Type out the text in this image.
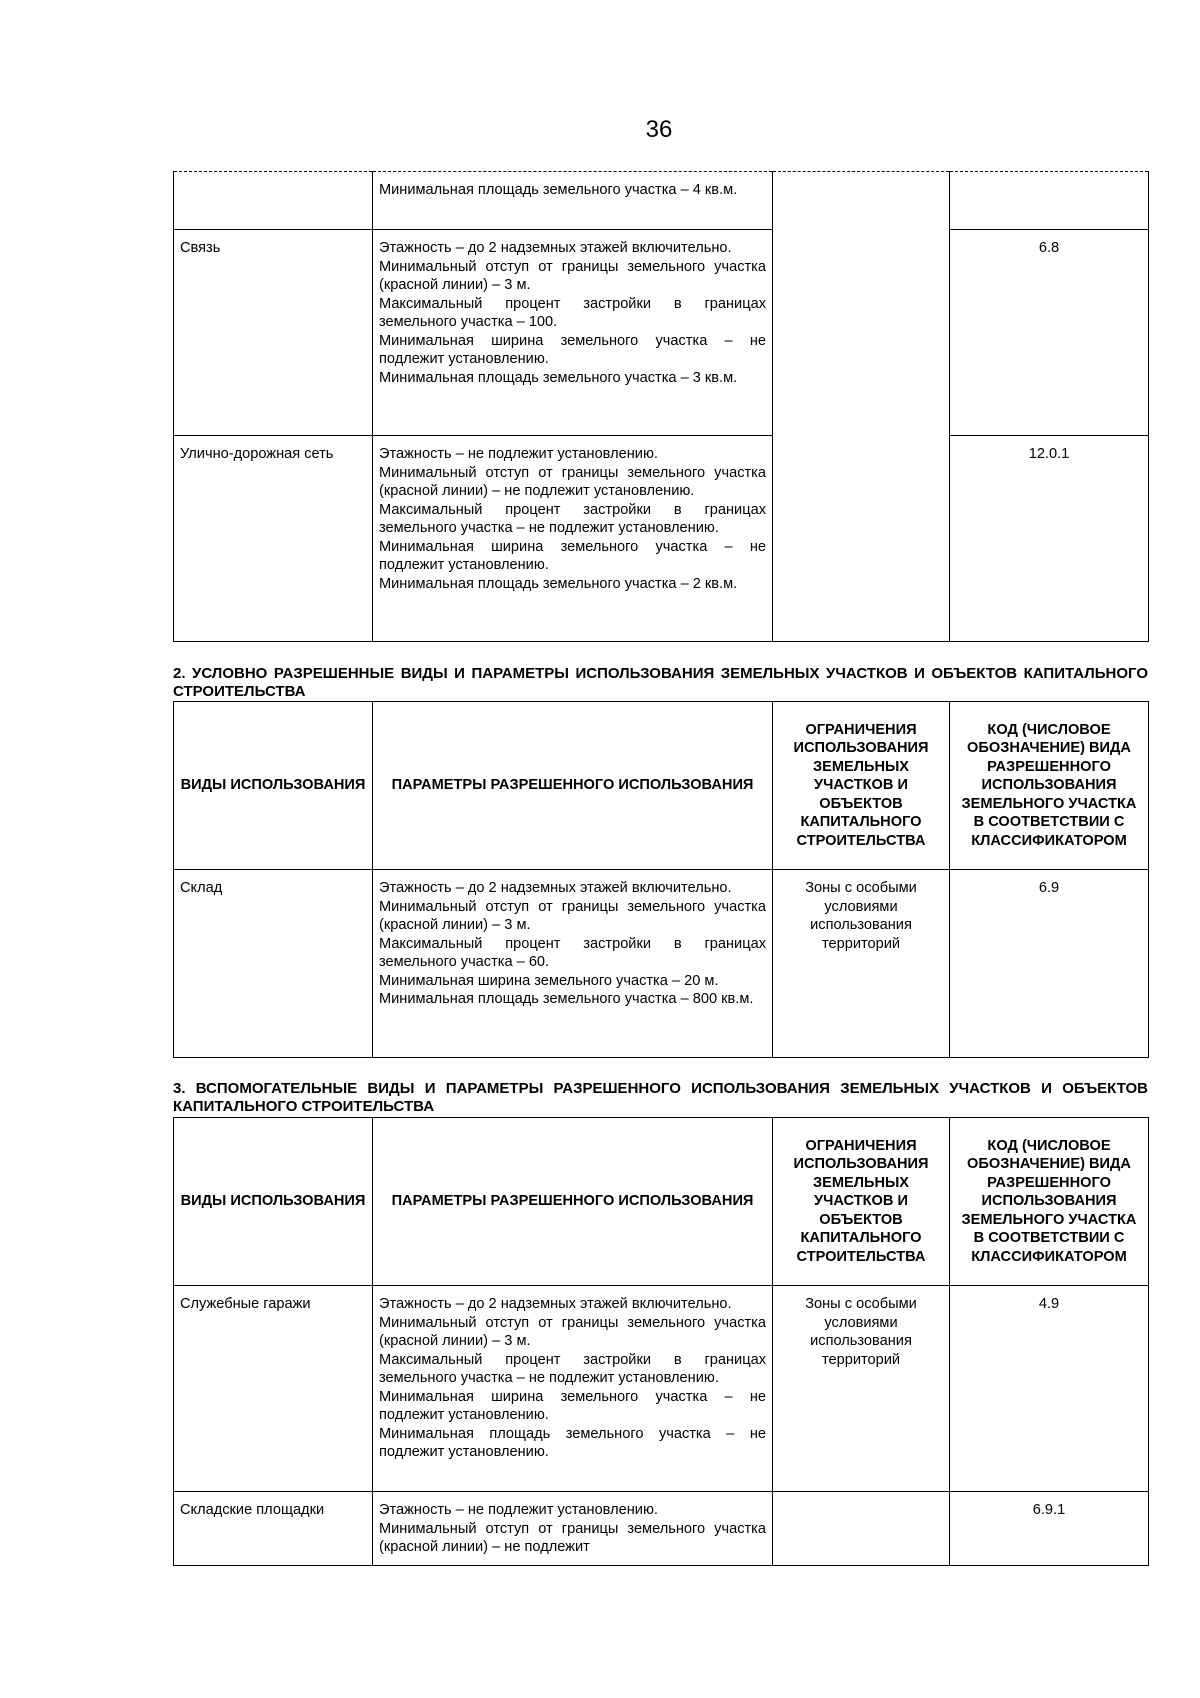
36

	Минимальная площадь земельного участка – 4 кв.м.		

Связь	Этажность – до 2 надземных этажей включительно.
Минимальный отступ от границы земельного участка (красной линии) – 3 м.
Максимальный процент застройки в границах земельного участка – 100.
Минимальная ширина земельного участка – не подлежит установлению.
Минимальная площадь земельного участка – 3 кв.м.		6.8
Улично-дорожная сеть	Этажность – не подлежит установлению.
Минимальный отступ от границы земельного участка (красной линии) – не подлежит установлению.
Максимальный процент застройки в границах земельного участка – не подлежит установлению.
Минимальная ширина земельного участка – не подлежит установлению.
Минимальная площадь земельного участка – 2 кв.м.		12.0.1
2. УСЛОВНО РАЗРЕШЕННЫЕ ВИДЫ И ПАРАМЕТРЫ ИСПОЛЬЗОВАНИЯ ЗЕМЕЛЬНЫХ УЧАСТКОВ И ОБЪЕКТОВ КАПИТАЛЬНОГО СТРОИТЕЛЬСТВА
ВИДЫ ИСПОЛЬЗОВАНИЯ	ПАРАМЕТРЫ РАЗРЕШЕННОГО ИСПОЛЬЗОВАНИЯ	ОГРАНИЧЕНИЯ ИСПОЛЬЗОВАНИЯ ЗЕМЕЛЬНЫХ УЧАСТКОВ И ОБЪЕКТОВ КАПИТАЛЬНОГО СТРОИТЕЛЬСТВА	КОД (ЧИСЛОВОЕ ОБОЗНАЧЕНИЕ) ВИДА РАЗРЕШЕННОГО ИСПОЛЬЗОВАНИЯ ЗЕМЕЛЬНОГО УЧАСТКА В СООТВЕТСТВИИ С КЛАССИФИКАТОРОМ
Склад	Этажность – до 2 надземных этажей включительно.
Минимальный отступ от границы земельного участка (красной линии) – 3 м.
Максимальный процент застройки в границах земельного участка – 60.
Минимальная ширина земельного участка – 20 м.
Минимальная площадь земельного участка – 800 кв.м.	Зоны с особыми условиями использования территорий	6.9
3. ВСПОМОГАТЕЛЬНЫЕ ВИДЫ И ПАРАМЕТРЫ РАЗРЕШЕННОГО ИСПОЛЬЗОВАНИЯ ЗЕМЕЛЬНЫХ УЧАСТКОВ И ОБЪЕКТОВ КАПИТАЛЬНОГО СТРОИТЕЛЬСТВА
ВИДЫ ИСПОЛЬЗОВАНИЯ	ПАРАМЕТРЫ РАЗРЕШЕННОГО ИСПОЛЬЗОВАНИЯ	ОГРАНИЧЕНИЯ ИСПОЛЬЗОВАНИЯ ЗЕМЕЛЬНЫХ УЧАСТКОВ И ОБЪЕКТОВ КАПИТАЛЬНОГО СТРОИТЕЛЬСТВА	КОД (ЧИСЛОВОЕ ОБОЗНАЧЕНИЕ) ВИДА РАЗРЕШЕННОГО ИСПОЛЬЗОВАНИЯ ЗЕМЕЛЬНОГО УЧАСТКА В СООТВЕТСТВИИ С КЛАССИФИКАТОРОМ
Служебные гаражи	Этажность – до 2 надземных этажей включительно.
Минимальный отступ от границы земельного участка (красной линии) – 3 м.
Максимальный процент застройки в границах земельного участка – не подлежит установлению.
Минимальная ширина земельного участка – не подлежит установлению.
Минимальная площадь земельного участка – не подлежит установлению.	Зоны с особыми условиями использования территорий	4.9
Складские площадки	Этажность – не подлежит установлению.
Минимальный отступ от границы земельного участка (красной линии) – не подлежит		6.9.1
